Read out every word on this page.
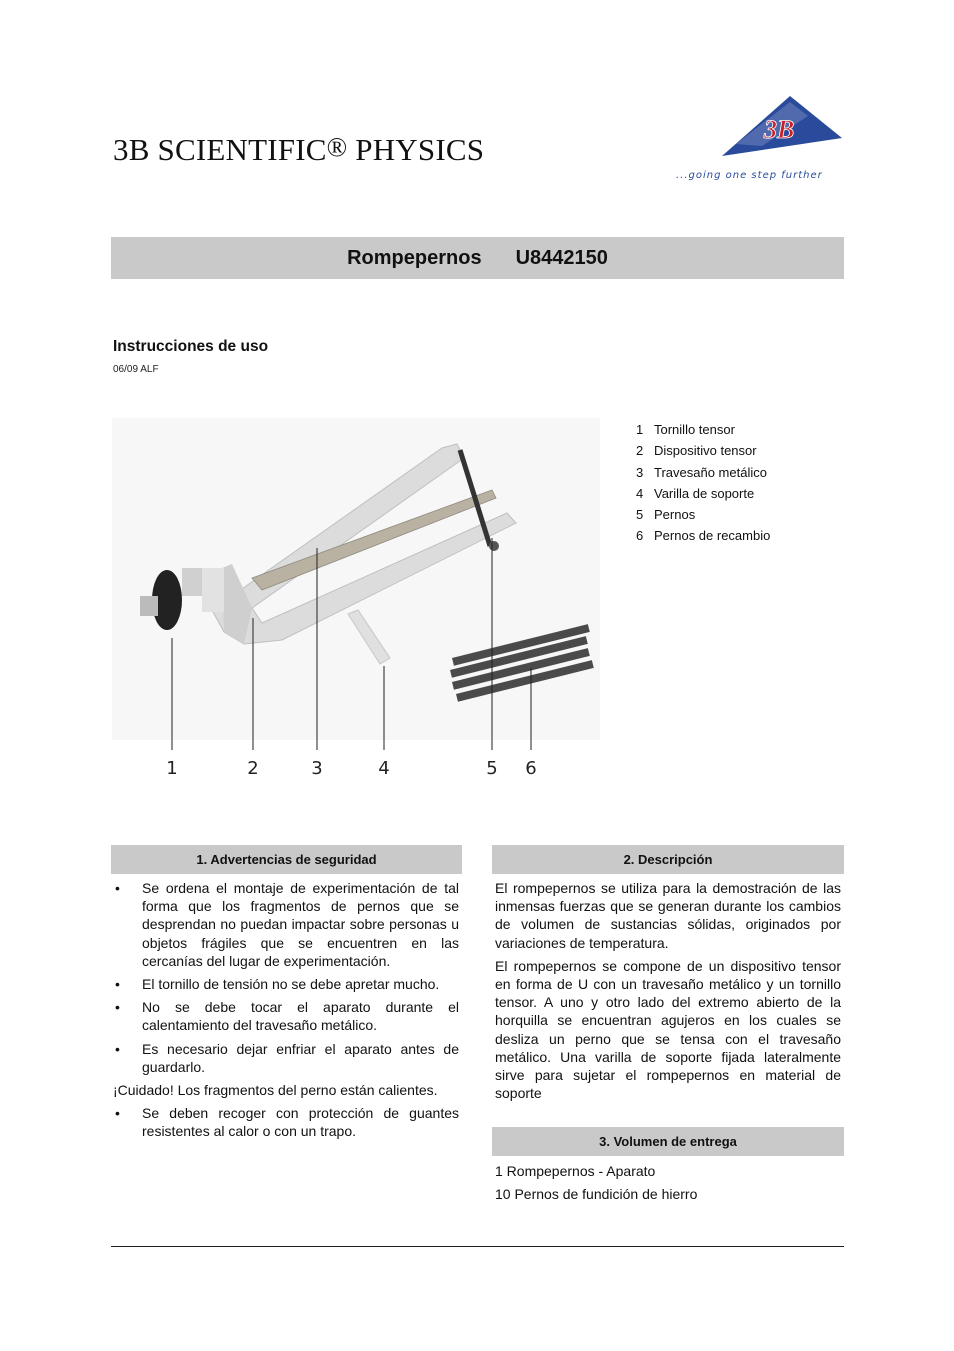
3B SCIENTIFIC® PHYSICS
3B
...going one step further
Rompepernos U8442150
Instrucciones de uso
06/09 ALF
1	2	3	4	5 6
1 Tornillo tensor
2 Dispositivo tensor
3 Travesaño metálico
4 Varilla de soporte
5 Pernos
6 Pernos de recambio
1. Advertencias de seguridad
•	Se ordena el montaje de experimentación de tal forma que los fragmentos de pernos que se desprendan no puedan impactar sobre personas u objetos frágiles que se encuentren en las cercanías del lugar de experimentación.
•	El tornillo de tensión no se debe apretar mucho.
•	No se debe tocar el aparato durante el calentamiento del travesaño metálico.
•	Es necesario dejar enfriar el aparato antes de guardarlo.
¡Cuidado! Los fragmentos del perno están calientes.
•	Se deben recoger con protección de guantes resistentes al calor o con un trapo.
2. Descripción

El rompepernos se utiliza para la demostración de las inmensas fuerzas que se generan durante los cambios de volumen de sustancias sólidas, originados por variaciones de temperatura.

El rompepernos se compone de un dispositivo tensor en forma de U con un travesaño metálico y un tornillo tensor. A uno y otro lado del extremo abierto de la horquilla se encuentran agujeros en los cuales se desliza un perno que se tensa con el travesaño metálico. Una varilla de soporte fijada lateralmente sirve para sujetar el rompepernos en material de soporte

3. Volumen de entrega

1 Rompepernos - Aparato

10 Pernos de fundición de hierro
